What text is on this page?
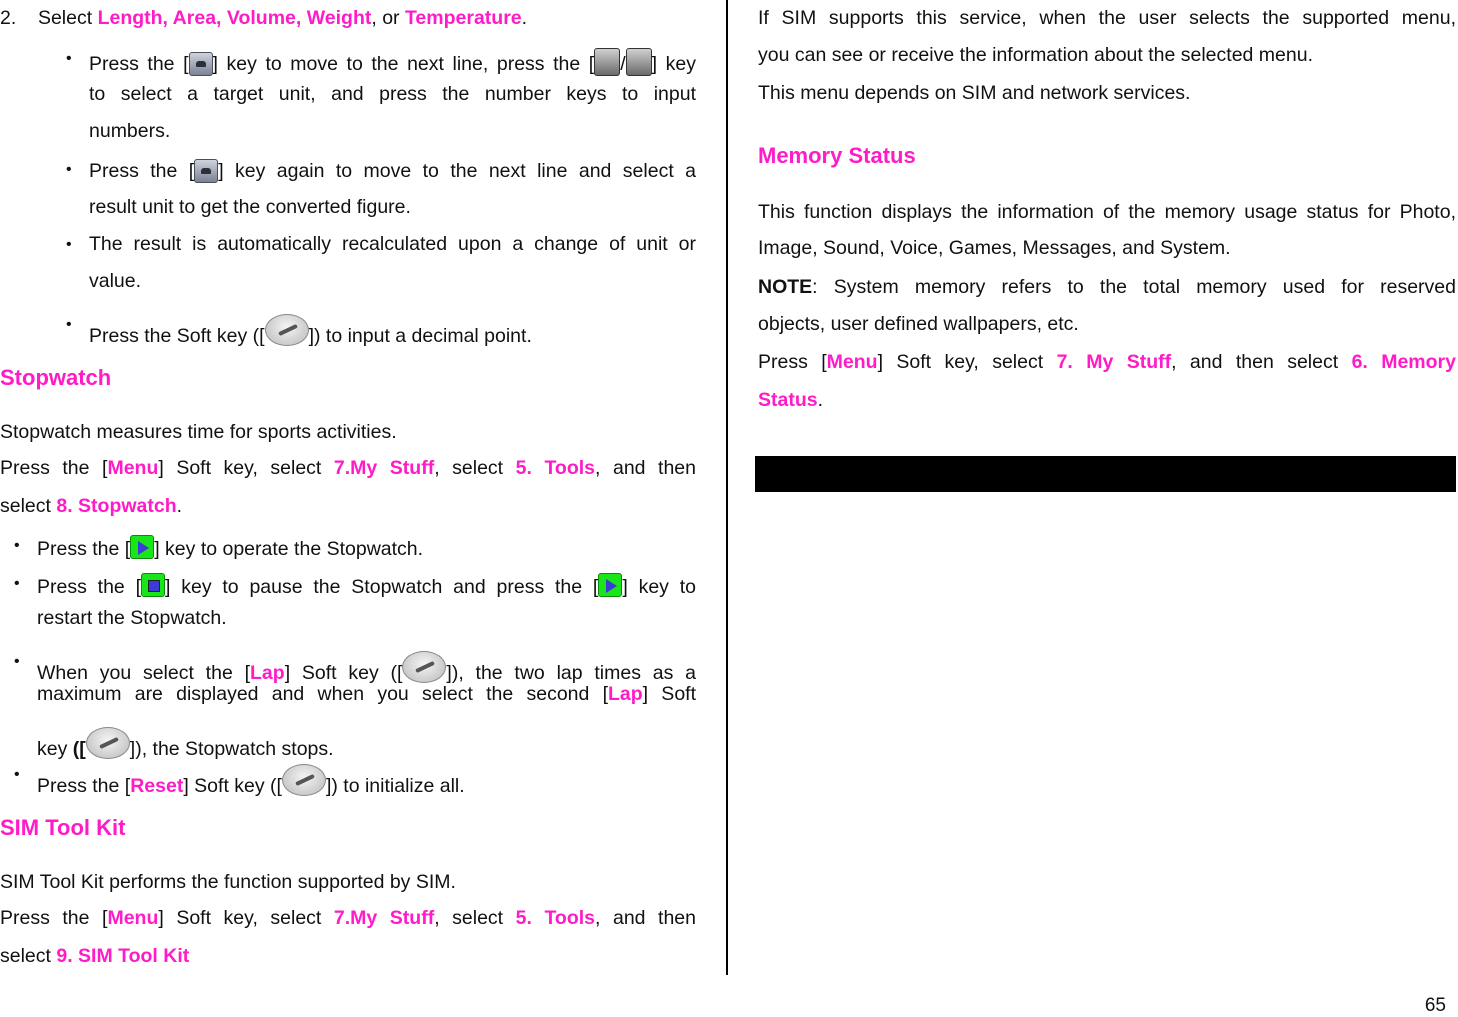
2. Select Length, Area, Volume, Weight, or Temperature.
• Press the [ ] key to move to the next line, press the [ / ] key
to select a target unit, and press the number keys to input
numbers.
• Press the [ ] key again to move to the next line and select a
result unit to get the converted figure.
• The result is automatically recalculated upon a change of unit or
value.
•
Press the Soft key ([ ]) to input a decimal point.
Stopwatch
Stopwatch measures time for sports activities.
Press the [Menu] Soft key, select 7.My Stuff, select 5. Tools, and then
select 8. Stopwatch.
• Press the [ ] key to operate the Stopwatch.
• Press the [ ] key to pause the Stopwatch and press the [ ] key to
restart the Stopwatch.
•
When you select the [Lap] Soft key ([ ]), the two lap times as a
maximum are displayed and when you select the second [Lap] Soft
key ([ ]), the Stopwatch stops.
•
Press the [Reset] Soft key ([ ]) to initialize all.
SIM Tool Kit
SIM Tool Kit performs the function supported by SIM.
Press the [Menu] Soft key, select 7.My Stuff, select 5. Tools, and then
select 9. SIM Tool Kit
If SIM supports this service, when the user selects the supported menu,
you can see or receive the information about the selected menu.
This menu depends on SIM and network services.
Memory Status
This function displays the information of the memory usage status for Photo,
Image, Sound, Voice, Games, Messages, and System.
NOTE: System memory refers to the total memory used for reserved
objects, user defined wallpapers, etc.
Press [Menu] Soft key, select 7. My Stuff, and then select 6. Memory
Status.
65
